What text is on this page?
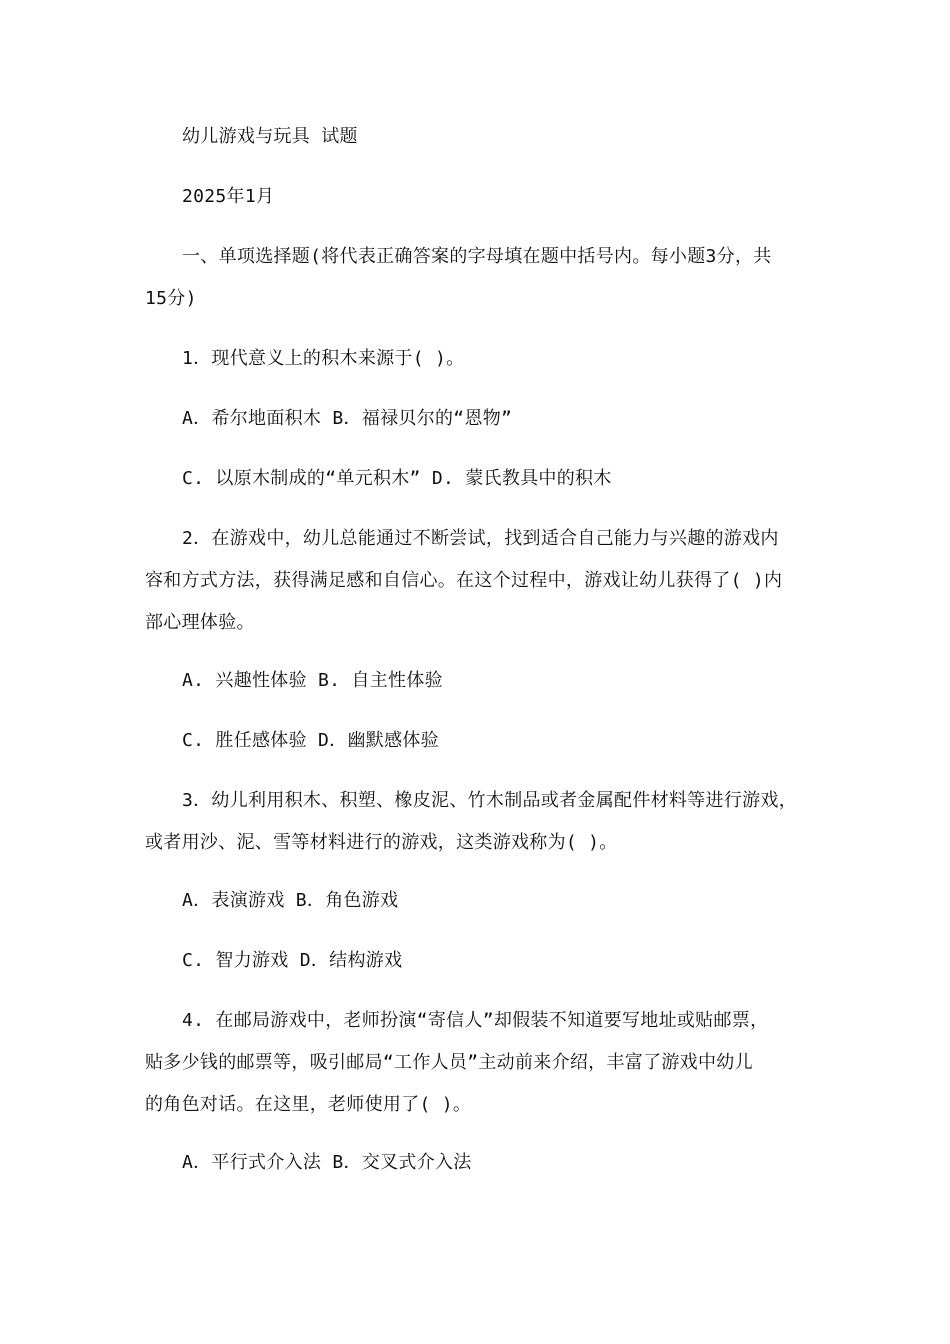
幼儿游戏与玩具 试题
2025年1月
一、单项选择题(将代表正确答案的字母填在题中括号内。每小题3分，共
15分)
1．现代意义上的积木来源于( )。
A．希尔地面积木 B．福禄贝尔的“恩物”
C. 以原木制成的“单元积木” D. 蒙氏教具中的积木
2．在游戏中，幼儿总能通过不断尝试，找到适合自己能力与兴趣的游戏内
容和方式方法，获得满足感和自信心。在这个过程中，游戏让幼儿获得了( )内
部心理体验。
A. 兴趣性体验 B. 自主性体验
C. 胜任感体验 D．幽默感体验
3．幼儿利用积木、积塑、橡皮泥、竹木制品或者金属配件材料等进行游戏，
或者用沙、泥、雪等材料进行的游戏，这类游戏称为( )。
A．表演游戏 B．角色游戏
C. 智力游戏 D．结构游戏
4. 在邮局游戏中，老师扮演“寄信人”却假装不知道要写地址或贴邮票，
贴多少钱的邮票等，吸引邮局“工作人员”主动前来介绍，丰富了游戏中幼儿
的角色对话。在这里，老师使用了( )。
A．平行式介入法 B．交叉式介入法
